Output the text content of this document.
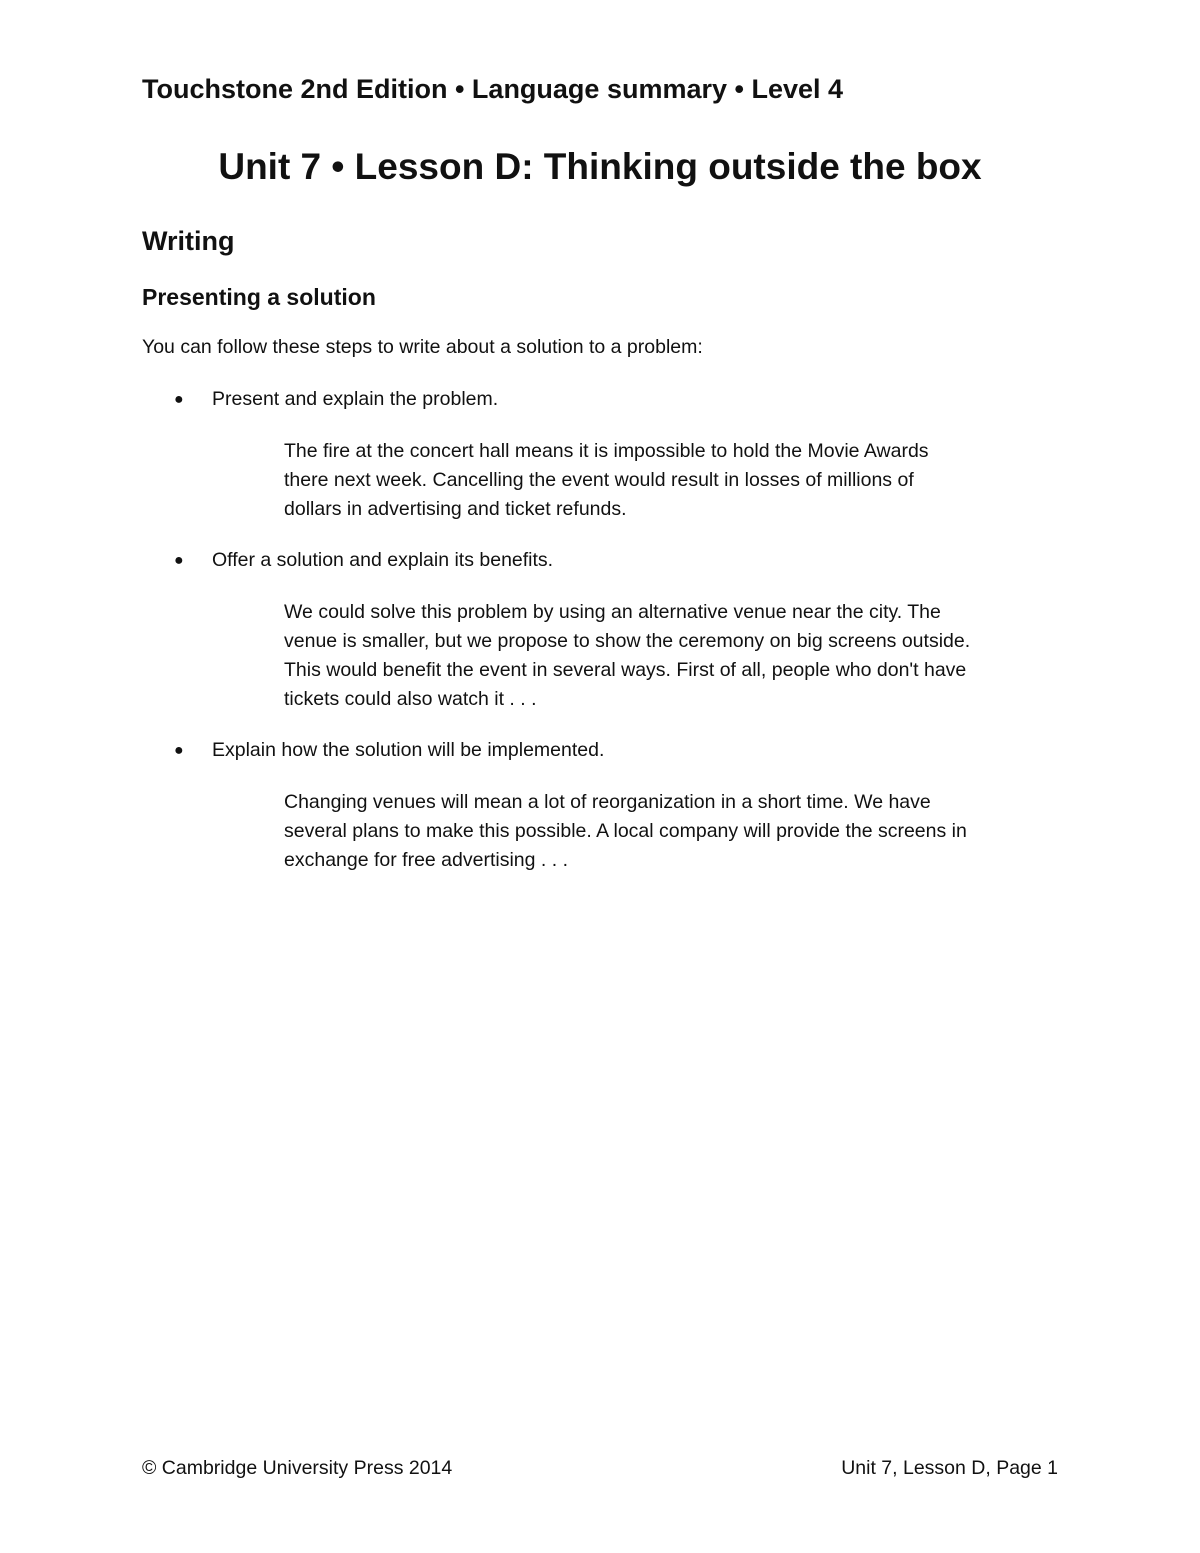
Touchstone 2nd Edition • Language summary • Level 4
Unit 7 • Lesson D: Thinking outside the box
Writing
Presenting a solution
You can follow these steps to write about a solution to a problem:
● Present and explain the problem.
The fire at the concert hall means it is impossible to hold the Movie Awards
there next week. Cancelling the event would result in losses of millions of
dollars in advertising and ticket refunds.
● Offer a solution and explain its benefits.
We could solve this problem by using an alternative venue near the city. The
venue is smaller, but we propose to show the ceremony on big screens outside.
This would benefit the event in several ways. First of all, people who don't have
tickets could also watch it . . .
● Explain how the solution will be implemented.
Changing venues will mean a lot of reorganization in a short time. We have
several plans to make this possible. A local company will provide the screens in
exchange for free advertising . . .
© Cambridge University Press 2014	Unit 7, Lesson D, Page 1
